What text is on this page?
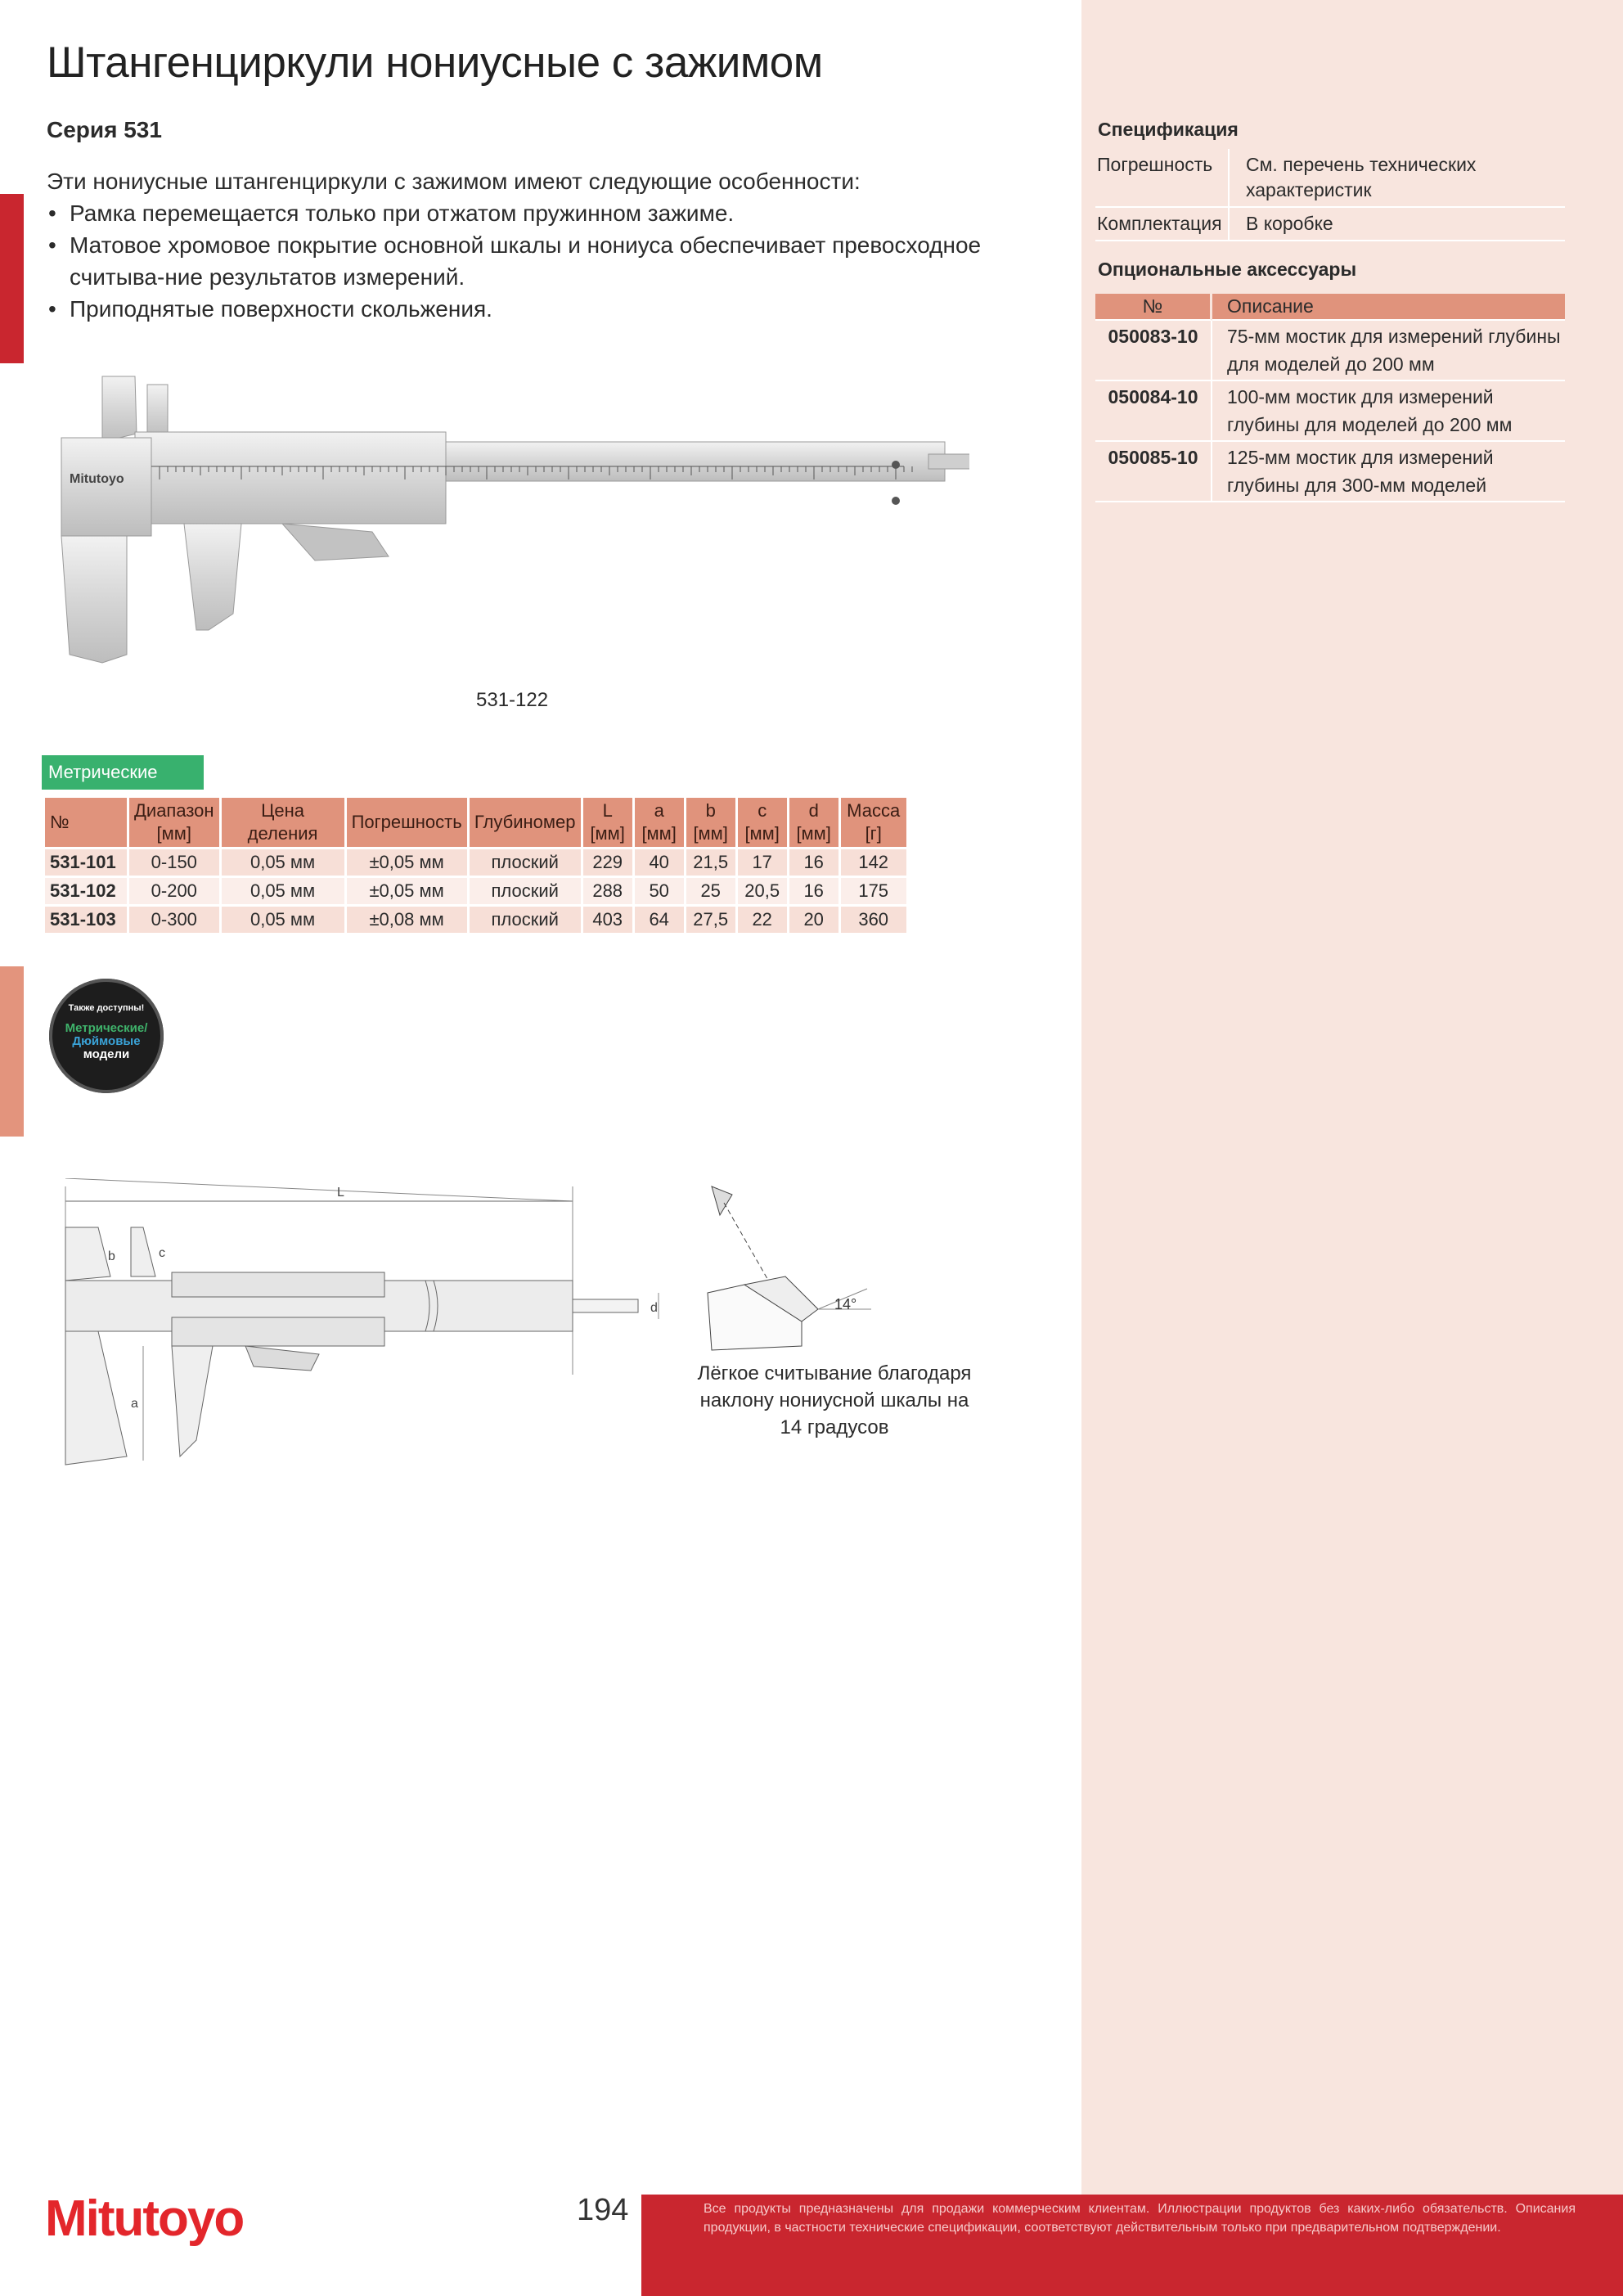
Штангенциркули нониусные с зажимом
Серия 531
Эти нониусные штангенциркули с зажимом имеют следующие особенности:
• Рамка перемещается только при отжатом пружинном зажиме.
• Матовое хромовое покрытие основной шкалы и нониуса обеспечивает превосходное считыва-ние результатов измерений.
• Приподнятые поверхности скольжения.
Mitutoyo
531-122
Метрические
№	Диапазон [мм]	Цена деления	Погрешность	Глубиномер	L [мм]	a [мм]	b [мм]	c [мм]	d [мм]	Масса [г]
531-101	0-150	0,05 мм	±0,05 мм	плоский	229	40	21,5	17	16	142
531-102	0-200	0,05 мм	±0,05 мм	плоский	288	50	25	20,5	16	175
531-103	0-300	0,05 мм	±0,08 мм	плоский	403	64	27,5	22	20	360
Также доступны!
Метрические/
Дюймовые
модели
L
b	c
d
a
14°
Лёгкое считывание благодаря наклону нониусной шкалы на 14 градусов
Спецификация
Погрешность	См. перечень технических характеристик
Комплектация	В коробке
Опциональные аксессуары
№	Описание
050083-10	75-мм мостик для измерений глубины для моделей до 200 мм
050084-10	100-мм мостик для измерений глубины для моделей до 200 мм
050085-10	125-мм мостик для измерений глубины для 300-мм моделей
Все продукты предназначены для продажи коммерческим клиентам. Иллюстрации продуктов без каких-либо обязательств. Описания продукции, в частности технические спецификации, соответствуют действительным только при предварительном подтверждении.
194
Mitutoyo
